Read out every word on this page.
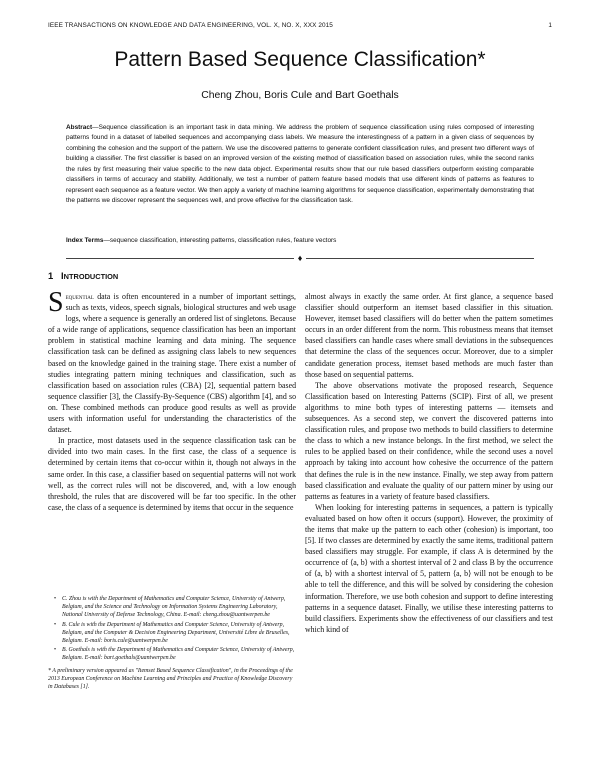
IEEE TRANSACTIONS ON KNOWLEDGE AND DATA ENGINEERING, VOL. X, NO. X, XXX 2015	1
Pattern Based Sequence Classification*
Cheng Zhou, Boris Cule and Bart Goethals
Abstract—Sequence classification is an important task in data mining. We address the problem of sequence classification using rules composed of interesting patterns found in a dataset of labelled sequences and accompanying class labels. We measure the interestingness of a pattern in a given class of sequences by combining the cohesion and the support of the pattern. We use the discovered patterns to generate confident classification rules, and present two different ways of building a classifier. The first classifier is based on an improved version of the existing method of classification based on association rules, while the second ranks the rules by first measuring their value specific to the new data object. Experimental results show that our rule based classifiers outperform existing comparable classifiers in terms of accuracy and stability. Additionally, we test a number of pattern feature based models that use different kinds of patterns as features to represent each sequence as a feature vector. We then apply a variety of machine learning algorithms for sequence classification, experimentally demonstrating that the patterns we discover represent the sequences well, and prove effective for the classification task.
Index Terms—sequence classification, interesting patterns, classification rules, feature vectors
♦
1 INTRODUCTION

Sequential data is often encountered in a number of important settings, such as texts, videos, speech signals, biological structures and web usage logs, where a sequence is generally an ordered list of singletons. Because of a wide range of applications, sequence classification has been an important problem in statistical machine learning and data mining. The sequence classification task can be defined as assigning class labels to new sequences based on the knowledge gained in the training stage. There exist a number of studies integrating pattern mining techniques and classification, such as classification based on association rules (CBA) [2], sequential pattern based sequence classifier [3], the Classify-By-Sequence (CBS) algorithm [4], and so on. These combined methods can produce good results as well as provide users with information useful for understanding the characteristics of the dataset.

In practice, most datasets used in the sequence classification task can be divided into two main cases. In the first case, the class of a sequence is determined by certain items that co-occur within it, though not always in the same order. In this case, a classifier based on sequential patterns will not work well, as the correct rules will not be discovered, and, with a low enough threshold, the rules that are discovered will be far too specific. In the other case, the class of a sequence is determined by items that occur in the sequence

• C. Zhou is with the Department of Mathematics and Computer Science, University of Antwerp, Belgium, and the Science and Technology on Information Systems Engineering Laboratory, National University of Defense Technology, China. E-mail: cheng.zhou@uantwerpen.be
• B. Cule is with the Department of Mathematics and Computer Science, University of Antwerp, Belgium, and the Computer & Decision Engineering Department, Université Libre de Bruxelles, Belgium. E-mail: boris.cule@uantwerpen.be
• B. Goethals is with the Department of Mathematics and Computer Science, University of Antwerp, Belgium. E-mail: bart.goethals@uantwerpen.be
* A preliminary version appeared as "Itemset Based Sequence Classification", in the Proceedings of the 2013 European Conference on Machine Learning and Principles and Practice of Knowledge Discovery in Databases [1].

almost always in exactly the same order. At first glance, a sequence based classifier should outperform an itemset based classifier in this situation. However, itemset based classifiers will do better when the pattern sometimes occurs in an order different from the norm. This robustness means that itemset based classifiers can handle cases where small deviations in the subsequences that determine the class of the sequences occur. Moreover, due to a simpler candidate generation process, itemset based methods are much faster than those based on sequential patterns.

The above observations motivate the proposed research, Sequence Classification based on Interesting Patterns (SCIP). First of all, we present algorithms to mine both types of interesting patterns — itemsets and subsequences. As a second step, we convert the discovered patterns into classification rules, and propose two methods to build classifiers to determine the class to which a new instance belongs. In the first method, we select the rules to be applied based on their confidence, while the second uses a novel approach by taking into account how cohesive the occurrence of the pattern that defines the rule is in the new instance. Finally, we step away from pattern based classification and evaluate the quality of our pattern miner by using our patterns as features in a variety of feature based classifiers.

When looking for interesting patterns in sequences, a pattern is typically evaluated based on how often it occurs (support). However, the proximity of the items that make up the pattern to each other (cohesion) is important, too [5]. If two classes are determined by exactly the same items, traditional pattern based classifiers may struggle. For example, if class A is determined by the occurrence of ⟨a, b⟩ with a shortest interval of 2 and class B by the occurrence of ⟨a, b⟩ with a shortest interval of 5, pattern ⟨a, b⟩ will not be enough to be able to tell the difference, and this will be solved by considering the cohesion information. Therefore, we use both cohesion and support to define interesting patterns in a sequence dataset. Finally, we utilise these interesting patterns to build classifiers. Experiments show the effectiveness of our classifiers and test which kind of
